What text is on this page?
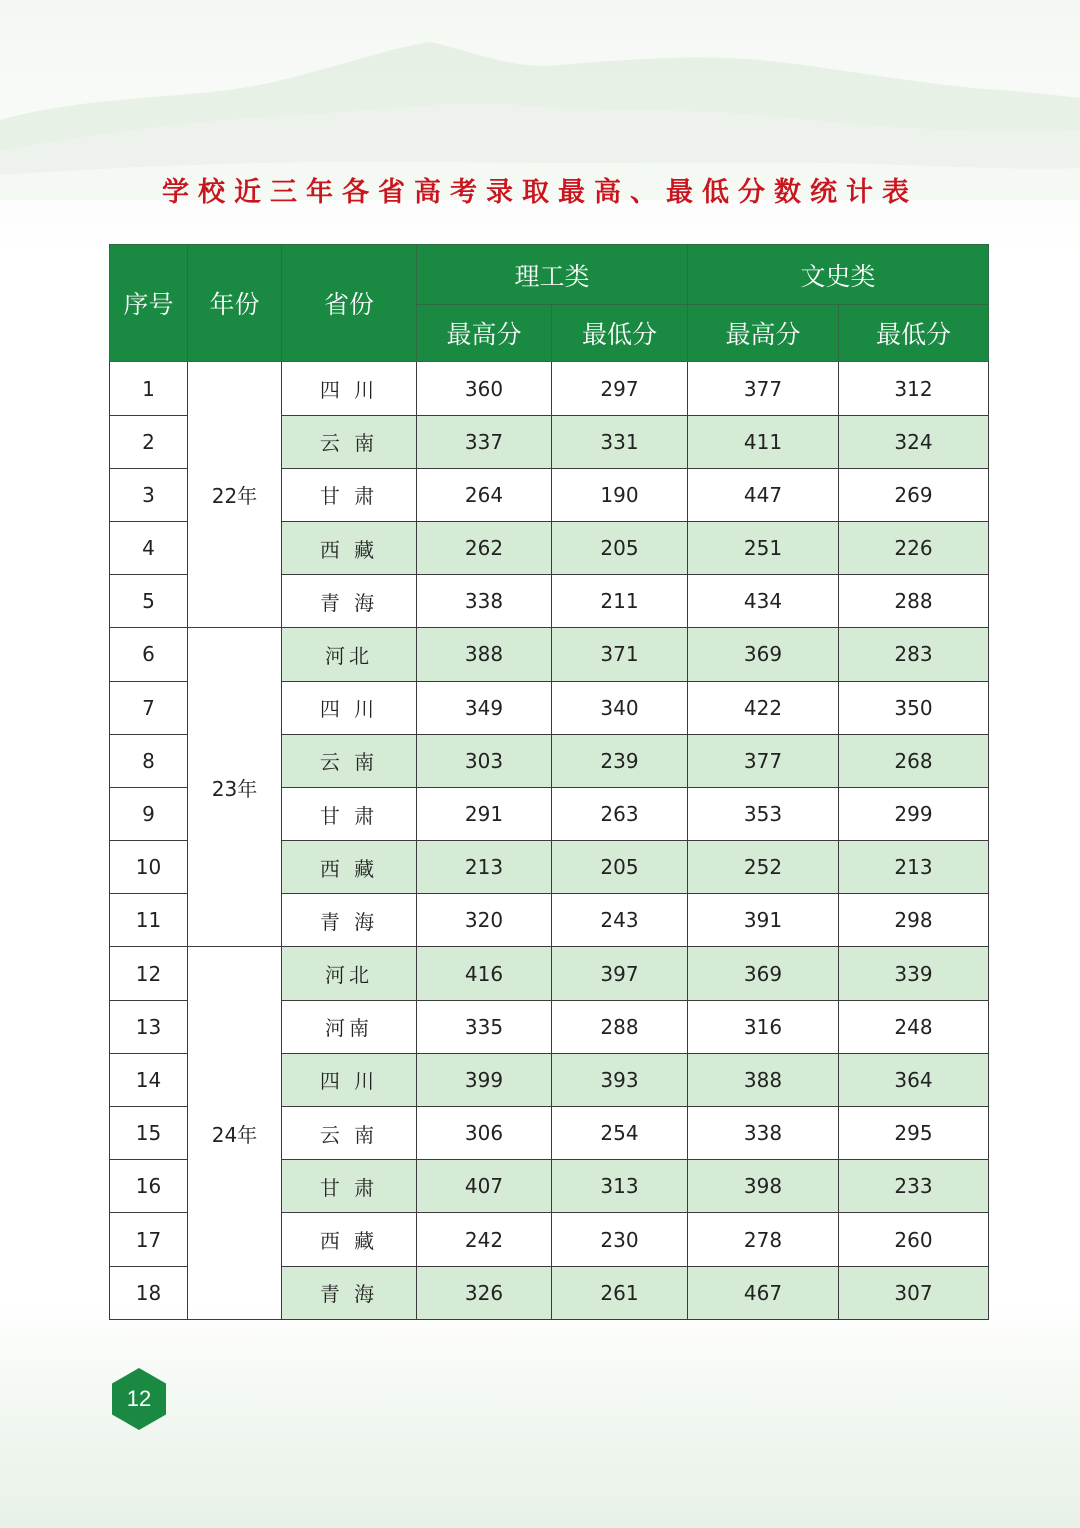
学校近三年各省高考录取最高、最低分数统计表
序号	年份	省份	理工类		文史类	
			最高分	最低分	最高分	最低分
1	22年	四 川	360	297	377	312
2		云 南	337	331	411	324
3		甘 肃	264	190	447	269
4		西 藏	262	205	251	226
5		青 海	338	211	434	288
6	23年	河北	388	371	369	283
7		四 川	349	340	422	350
8		云 南	303	239	377	268
9		甘 肃	291	263	353	299
10		西 藏	213	205	252	213
11		青 海	320	243	391	298
12	24年	河北	416	397	369	339
13		河南	335	288	316	248
14		四 川	399	393	388	364
15		云 南	306	254	338	295
16		甘 肃	407	313	398	233
17		西 藏	242	230	278	260
18		青 海	326	261	467	307
12
